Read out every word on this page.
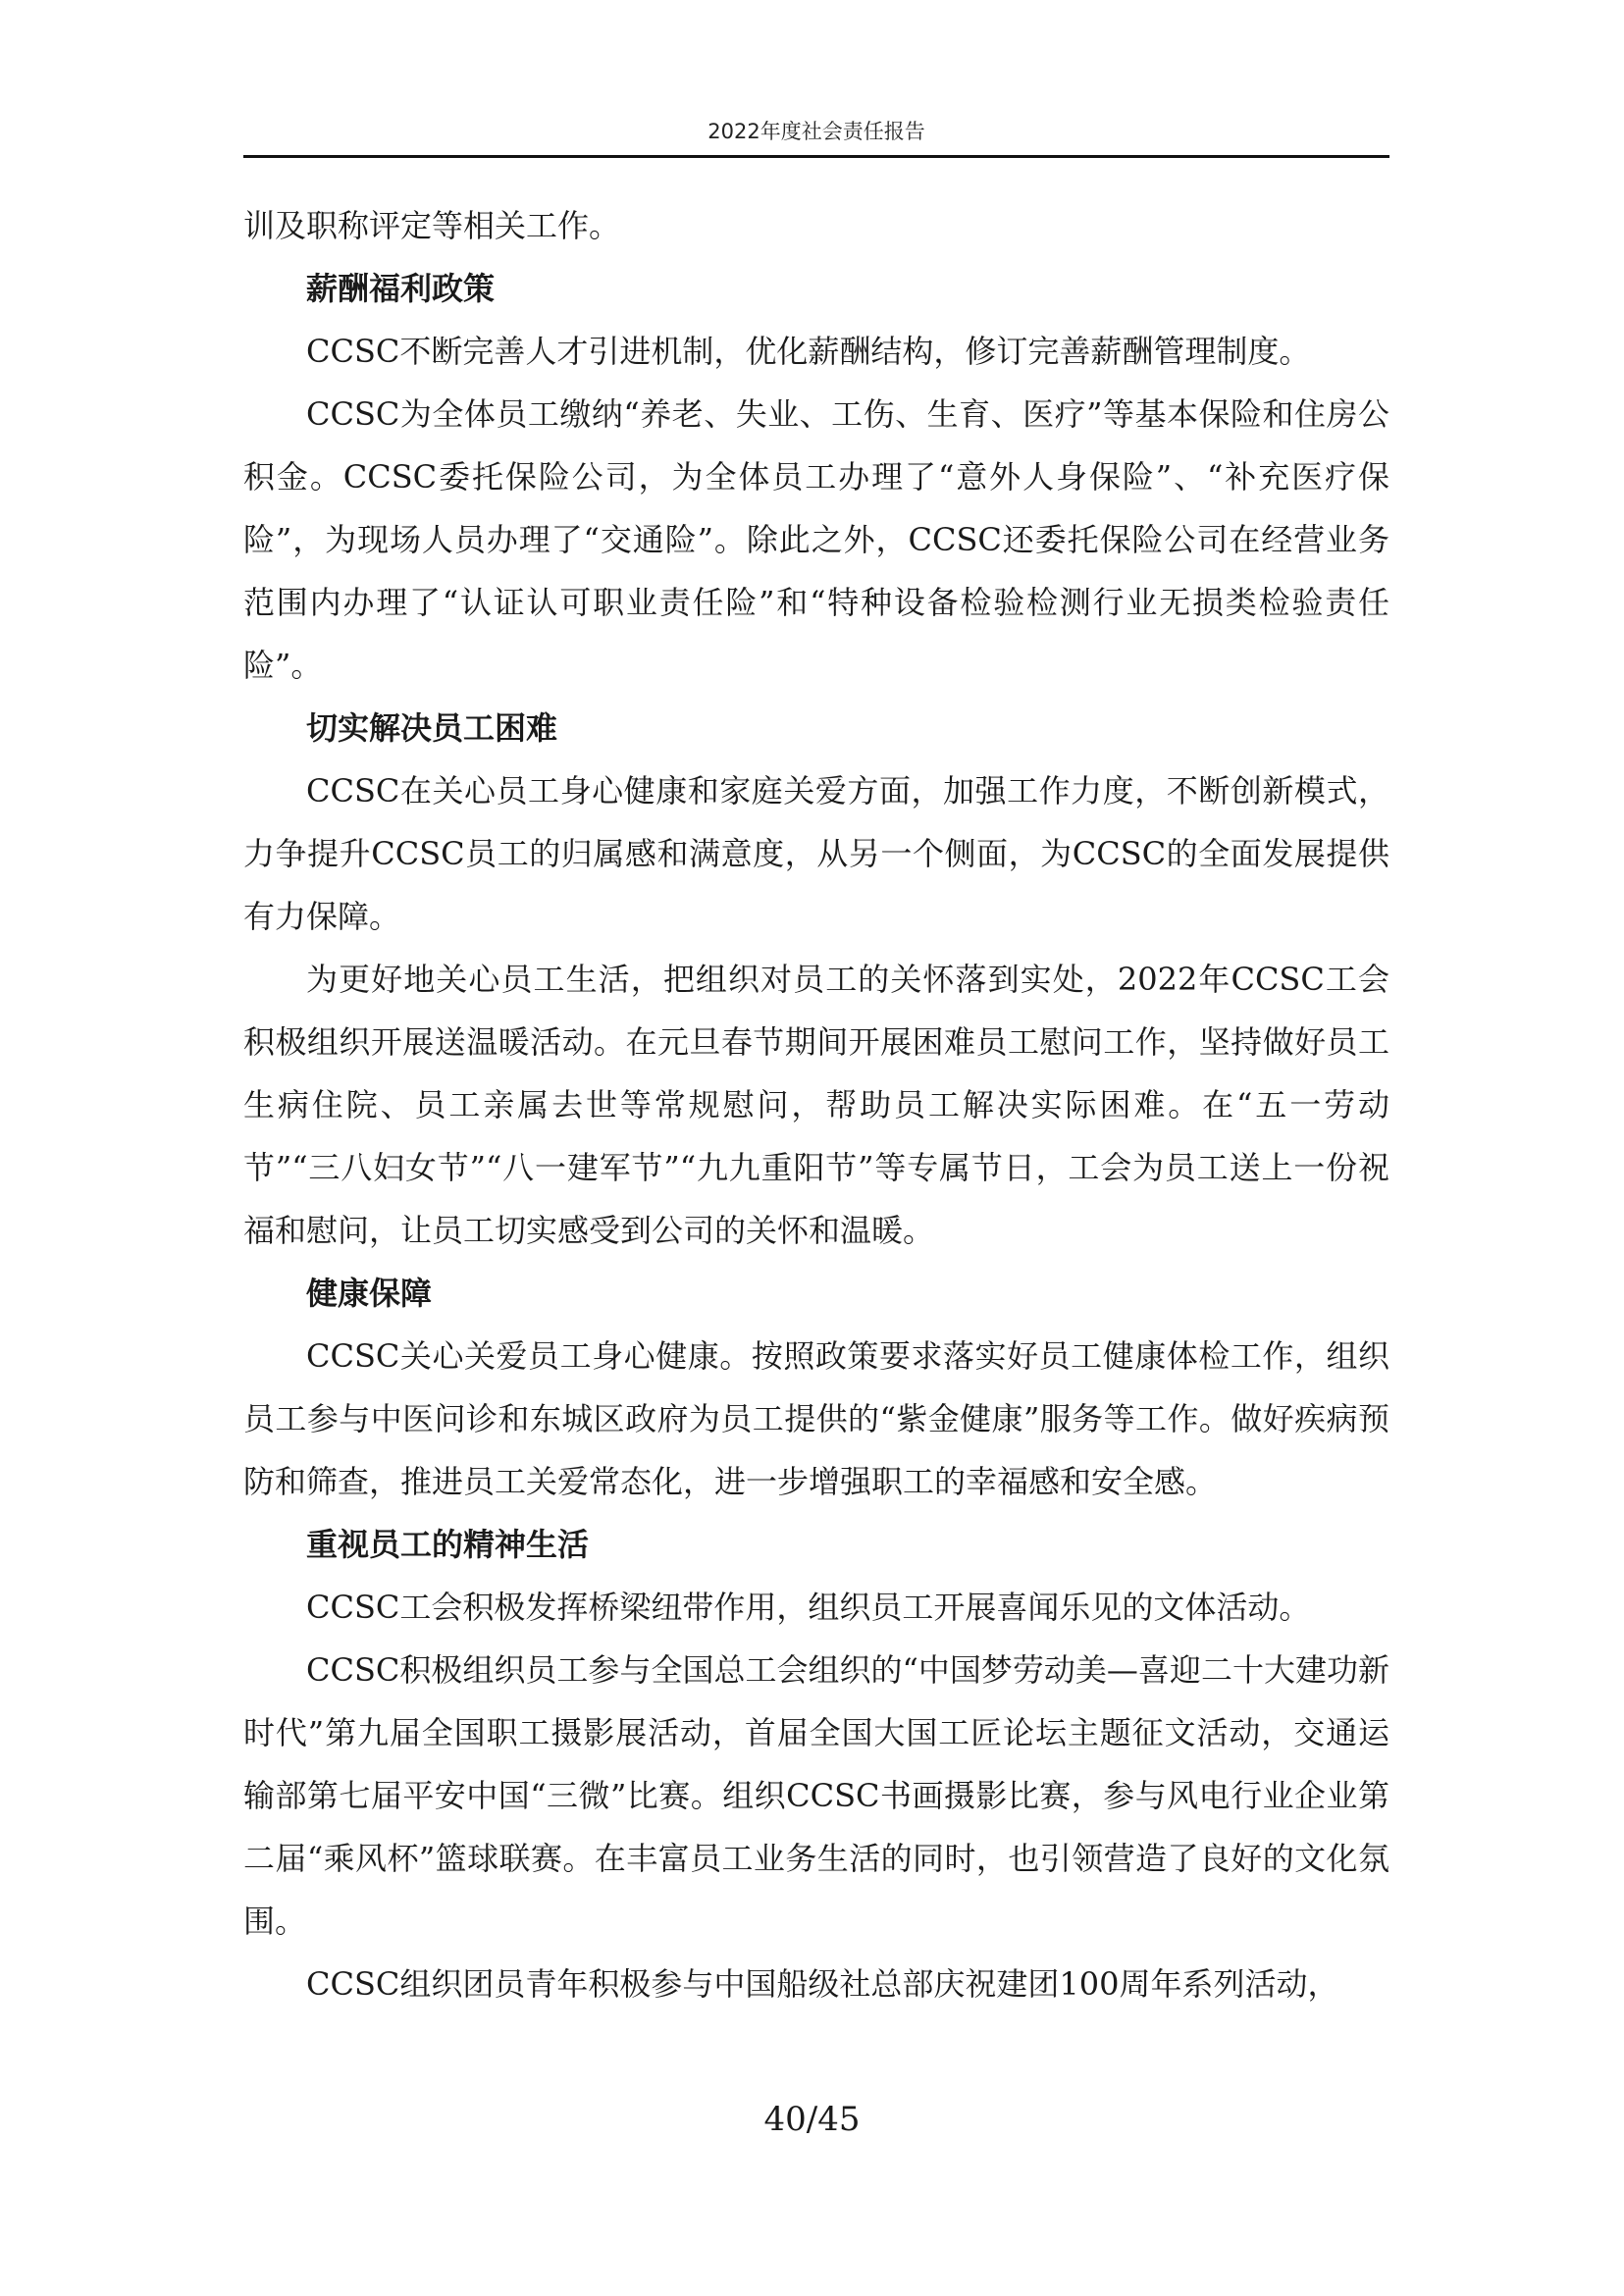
2022年度社会责任报告

训及职称评定等相关工作。

薪酬福利政策

CCSC不断完善人才引进机制，优化薪酬结构，修订完善薪酬管理制度。

CCSC为全体员工缴纳“养老、失业、工伤、生育、医疗”等基本保险和住房公积金。CCSC委托保险公司，为全体员工办理了“意外人身保险”、“补充医疗保险”，为现场人员办理了“交通险”。除此之外，CCSC还委托保险公司在经营业务范围内办理了“认证认可职业责任险”和“特种设备检验检测行业无损类检验责任险”。

切实解决员工困难

CCSC在关心员工身心健康和家庭关爱方面，加强工作力度，不断创新模式，力争提升CCSC员工的归属感和满意度，从另一个侧面，为CCSC的全面发展提供有力保障。

为更好地关心员工生活，把组织对员工的关怀落到实处，2022年CCSC工会积极组织开展送温暖活动。在元旦春节期间开展困难员工慰问工作，坚持做好员工生病住院、员工亲属去世等常规慰问，帮助员工解决实际困难。在“五一劳动节”“三八妇女节”“八一建军节”“九九重阳节”等专属节日，工会为员工送上一份祝福和慰问，让员工切实感受到公司的关怀和温暖。

健康保障

CCSC关心关爱员工身心健康。按照政策要求落实好员工健康体检工作，组织员工参与中医问诊和东城区政府为员工提供的“紫金健康”服务等工作。做好疾病预防和筛查，推进员工关爱常态化，进一步增强职工的幸福感和安全感。

重视员工的精神生活

CCSC工会积极发挥桥梁纽带作用，组织员工开展喜闻乐见的文体活动。

CCSC积极组织员工参与全国总工会组织的“中国梦劳动美—喜迎二十大建功新时代”第九届全国职工摄影展活动，首届全国大国工匠论坛主题征文活动，交通运输部第七届平安中国“三微”比赛。组织CCSC书画摄影比赛，参与风电行业企业第二届“乘风杯”篮球联赛。在丰富员工业务生活的同时，也引领营造了良好的文化氛围。

CCSC组织团员青年积极参与中国船级社总部庆祝建团100周年系列活动，

40/45
